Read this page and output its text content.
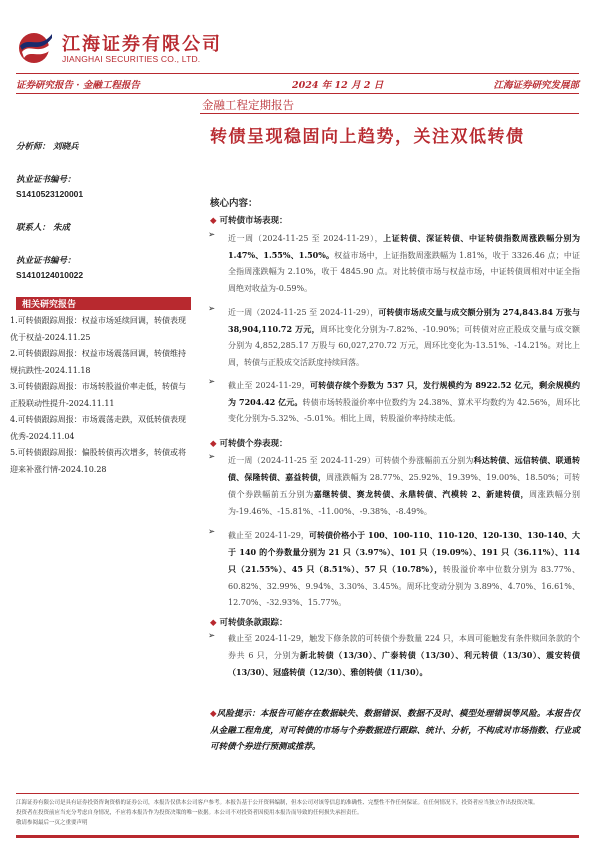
江海证券有限公司
JIANGHAI SECURITIES CO., LTD.
证券研究报告 · 金融工程报告	2024 年 12 月 2 日	江海证券研究发展部
金融工程定期报告
转债呈现稳固向上趋势，关注双低转债
分析师： 刘晓兵
执业证书编号：
S1410523120001
联系人： 朱成
执业证书编号：
S1410124010022
相关研究报告
1.可转债跟踪周报：权益市场延续回调，转债表现优于权益-2024.11.25
2.可转债跟踪周报：权益市场震荡回调，转债维持规抗跌性-2024.11.18
3.可转债跟踪周报：市场转股溢价率走低，转债与正股联动性提升-2024.11.11
4.可转债跟踪周报：市场震荡走跌，双低转债表现优秀-2024.11.04
5.可转债跟踪周报：偏股转债再次增多，转债或将迎来补涨行情-2024.10.28
核心内容：
◆ 可转债市场表现：
➢ 近一周（2024-11-25 至 2024-11-29），上证转债、深证转债、中证转债指数周涨跌幅分别为 1.47%、1.55%、1.50%。权益市场中，上证指数周涨跌幅为 1.81%，收于 3326.46 点；中证全指周涨跌幅为 2.10%，收于 4845.90 点。对比转债市场与权益市场，中证转债周相对中证全指周绝对收益为-0.59%。
➢ 近一周（2024-11-25 至 2024-11-29），可转债市场成交量与成交额分别为 274,843.84 万张与 38,904,110.72 万元，周环比变化分别为-7.82%、-10.90%；可转债对应正股成交量与成交额分别为 4,852,285.17 万股与 60,027,270.72 万元，周环比变化为-13.51%、-14.21%。对比上周，转债与正股成交活跃度持续回落。
➢ 截止至 2024-11-29，可转债存续个券数为 537 只，发行规模约为 8922.52 亿元，剩余规模约为 7204.42 亿元。转债市场转股溢价率中位数约为 24.38%、算术平均数约为 42.56%，周环比变化分别为-5.32%、-5.01%。相比上周，转股溢价率持续走低。
◆ 可转债个券表现：
➢ 近一周（2024-11-25 至 2024-11-29）可转债个券涨幅前五分别为科达转债、远信转债、联通转债、保隆转债、嘉益转债，周涨跌幅为 28.77%、25.92%、19.39%、19.00%、18.50%；可转债个券跌幅前五分别为嘉继转债、赛龙转债、永鼎转债、汽模转 2、新建转债，周涨跌幅分别为-19.46%、-15.81%、-11.00%、-9.38%、-8.49%。
➢ 截止至 2024-11-29，可转债价格小于 100、100-110、110-120、120-130、130-140、大于 140 的个券数量分别为 21 只（3.97%）、101 只（19.09%）、191 只（36.11%）、114 只（21.55%）、45 只（8.51%）、57 只（10.78%），转股溢价率中位数分别为 83.77%、60.82%、32.99%、9.94%、3.30%、3.45%。周环比变动分别为 3.89%、4.70%、16.61%、12.70%、-32.93%、15.77%。
◆ 可转债条款跟踪：
➢ 截止至 2024-11-29，触发下修条款的可转债个券数量 224 只，本周可能触发有条件赎回条款的个券共 6 只，分别为新北转债（13/30）、广泰转债（13/30）、利元转债（13/30）、震安转债（13/30）、冠盛转债（12/30）、雅创转债（11/30）。
◆风险提示：本报告可能存在数据缺失、数据错误、数据不及时、模型处理错误等风险。本报告仅从金融工程角度，对可转债的市场与个券数据进行跟踪、统计、分析，不构成对市场指数、行业或可转债个券进行预测或推荐。
江海证券有限公司是具有证券投资咨询资格的证券公司，本报告仅供本公司客户参考。本报告基于公开资料编制，但本公司对该等信息的准确性、完整性不作任何保证。在任何情况下，投资者应当独立作出投资决策。
投资者在投资前应当充分考虑自身情况，不应将本报告作为投资决策的唯一依据。本公司不对投资者因使用本报告而导致的任何损失承担责任。
敬请参阅最后一页之重要声明
